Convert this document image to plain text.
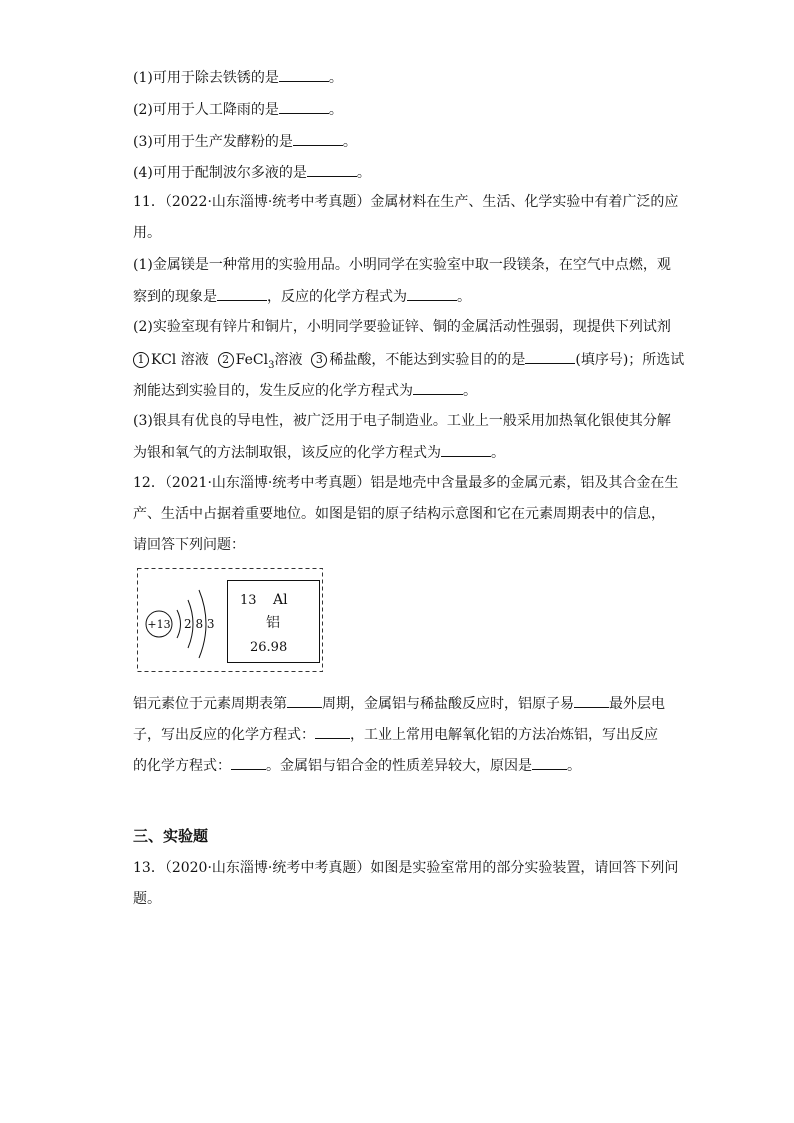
(1)可用于除去铁锈的是	。
(2)可用于人工降雨的是	。
(3)可用于生产发酵粉的是	。
(4)可用于配制波尔多液的是	。
11．（2022·山东淄博·统考中考真题）金属材料在生产、生活、化学实验中有着广泛的应
用。
(1)金属镁是一种常用的实验用品。小明同学在实验室中取一段镁条，在空气中点燃，观
察到的现象是	，反应的化学方程式为	。
(2)实验室现有锌片和铜片，小明同学要验证锌、铜的金属活动性强弱，现提供下列试剂
1 KCl 溶液 2 FeCl$_3$溶液 3 稀盐酸，不能达到实验目的的是	(填序号)；所选试
剂能达到实验目的，发生反应的化学方程式为	。
(3)银具有优良的导电性，被广泛用于电子制造业。工业上一般采用加热氧化银使其分解
为银和氧气的方法制取银，该反应的化学方程式为	。
12．（2021·山东淄博·统考中考真题）铝是地壳中含量最多的金属元素，铝及其合金在生
产、生活中占据着重要地位。如图是铝的原子结构示意图和它在元素周期表中的信息，
请回答下列问题：
+13 2 8 3
13 Al
铝
26.98
铝元素位于元素周期表第	周期，金属铝与稀盐酸反应时，铝原子易	最外层电
子，写出反应的化学方程式：	，工业上常用电解氧化铝的方法冶炼铝，写出反应
的化学方程式：	。金属铝与铝合金的性质差异较大，原因是	。
三、实验题
13．（2020·山东淄博·统考中考真题）如图是实验室常用的部分实验装置，请回答下列问
题。
